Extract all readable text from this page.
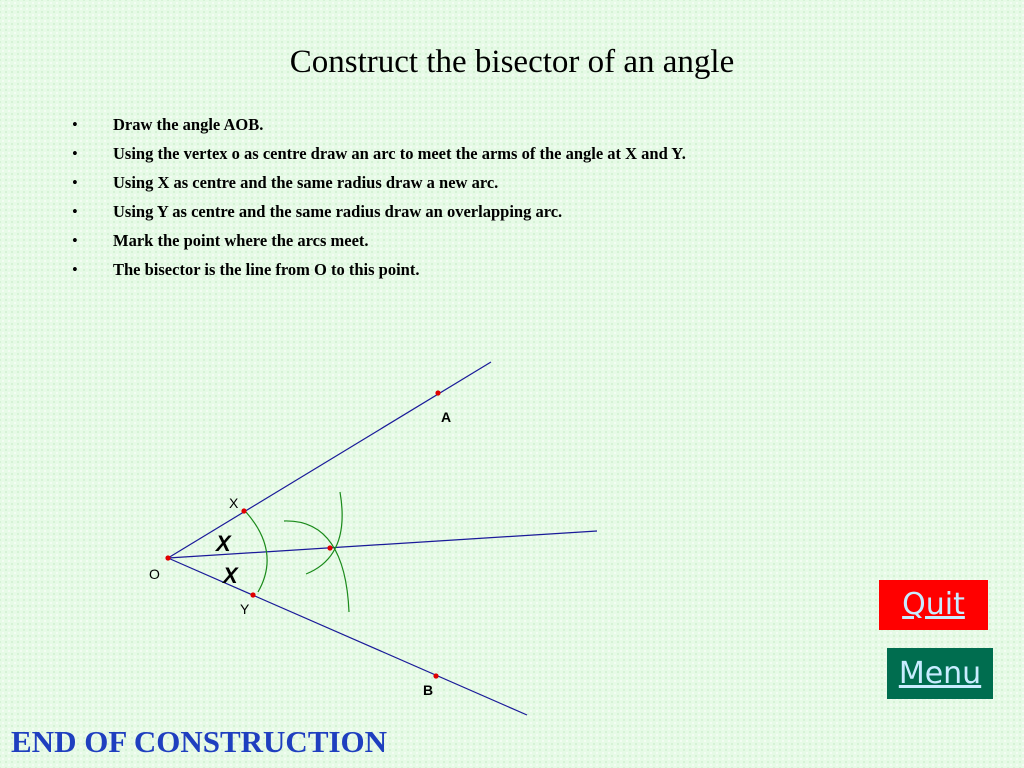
Construct the bisector of an angle
• Draw the angle AOB.
• Using the vertex o as centre draw an arc to meet the arms of the angle at X and Y.
• Using X as centre and the same radius draw a new arc.
• Using Y as centre and the same radius draw an overlapping arc.
• Mark the point where the arcs meet.
• The bisector is the line from O to this point.
A
B
X
Y
O
X
X
Quit
Menu
END OF CONSTRUCTION
